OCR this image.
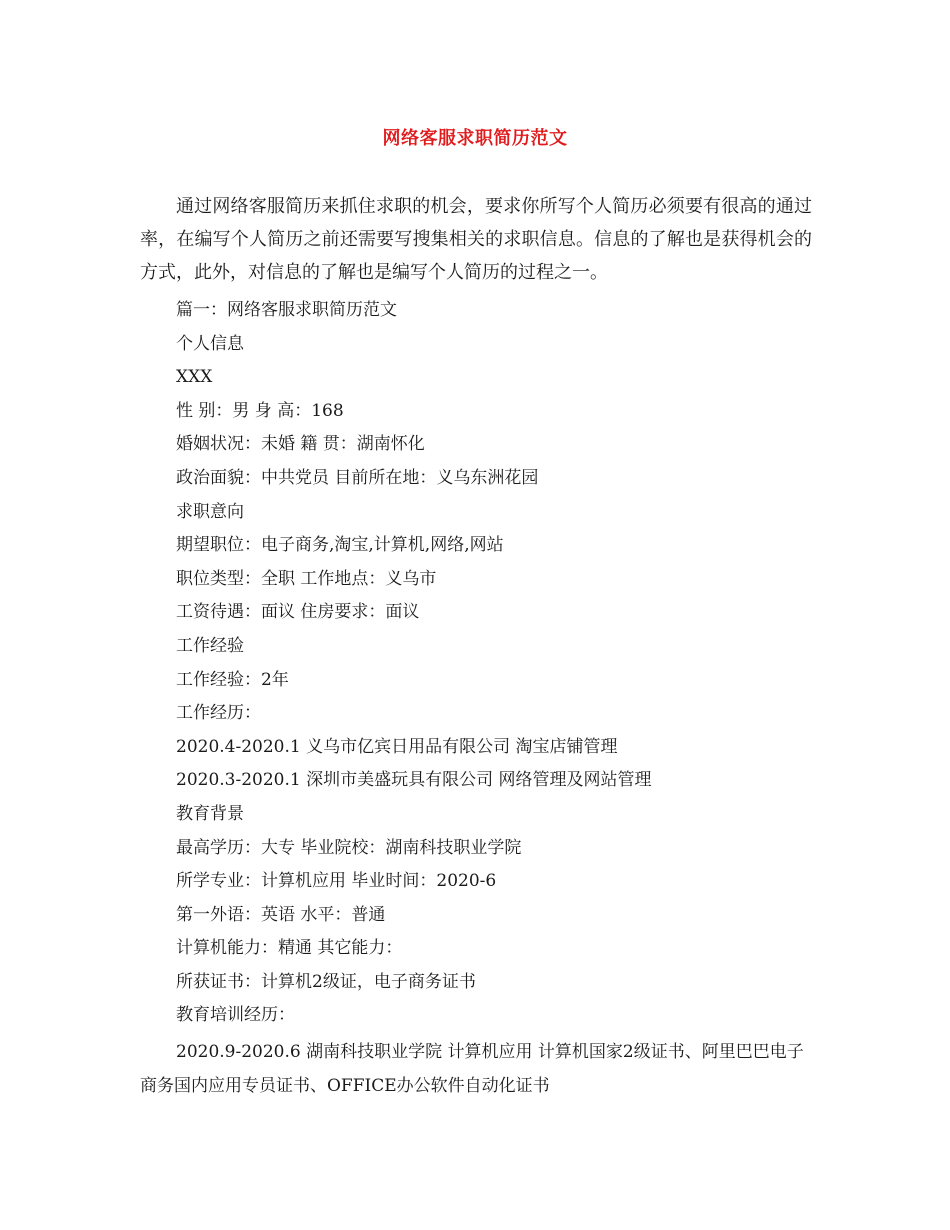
网络客服求职简历范文

通过网络客服简历来抓住求职的机会，要求你所写个人简历必须要有很高的通过率，在编写个人简历之前还需要写搜集相关的求职信息。信息的了解也是获得机会的方式，此外，对信息的了解也是编写个人简历的过程之一。

篇一：网络客服求职简历范文
个人信息
XXX
性 别：男 身 高：168
婚姻状况：未婚 籍 贯：湖南怀化
政治面貌：中共党员 目前所在地：义乌东洲花园
求职意向
期望职位：电子商务,淘宝,计算机,网络,网站
职位类型：全职 工作地点：义乌市
工资待遇：面议 住房要求：面议
工作经验
工作经验：2年
工作经历：
2020.4-2020.1 义乌市亿宾日用品有限公司 淘宝店铺管理
2020.3-2020.1 深圳市美盛玩具有限公司 网络管理及网站管理
教育背景
最高学历：大专 毕业院校：湖南科技职业学院
所学专业：计算机应用 毕业时间：2020-6
第一外语：英语 水平：普通
计算机能力：精通 其它能力：
所获证书：计算机2级证，电子商务证书
教育培训经历：

2020.9-2020.6 湖南科技职业学院 计算机应用 计算机国家2级证书、阿里巴巴电子商务国内应用专员证书、OFFICE办公软件自动化证书
